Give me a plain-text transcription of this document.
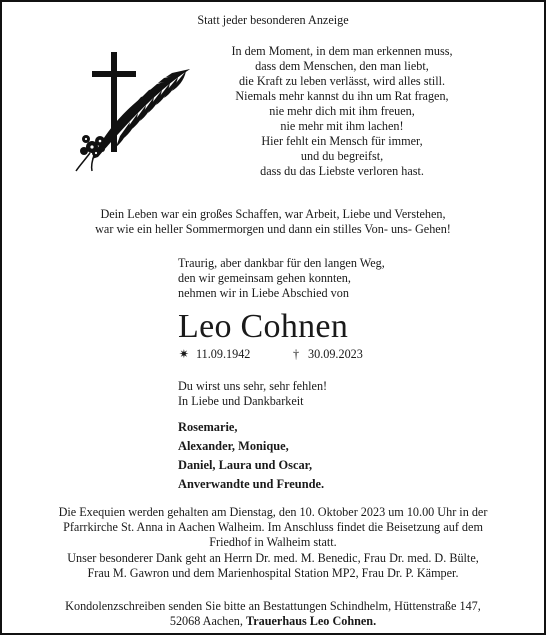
Statt jeder besonderen Anzeige
In dem Moment, in dem man erkennen muss,
dass dem Menschen, den man liebt,
die Kraft zu leben verlässt, wird alles still.
Niemals mehr kannst du ihn um Rat fragen,
nie mehr dich mit ihm freuen,
nie mehr mit ihm lachen!
Hier fehlt ein Mensch für immer,
und du begreifst,
dass du das Liebste verloren hast.
Dein Leben war ein großes Schaffen, war Arbeit, Liebe und Verstehen,
war wie ein heller Sommermorgen und dann ein stilles Von- uns- Gehen!
Traurig, aber dankbar für den langen Weg,
den wir gemeinsam gehen konnten,
nehmen wir in Liebe Abschied von
Leo Cohnen
✷ 11.09.1942	† 30.09.2023
Du wirst uns sehr, sehr fehlen!
In Liebe und Dankbarkeit
Rosemarie,
Alexander, Monique,
Daniel, Laura und Oscar,
Anverwandte und Freunde.
Die Exequien werden gehalten am Dienstag, den 10. Oktober 2023 um 10.00 Uhr in der
Pfarrkirche St. Anna in Aachen Walheim. Im Anschluss findet die Beisetzung auf dem
Friedhof in Walheim statt.
Unser besonderer Dank geht an Herrn Dr. med. M. Benedic, Frau Dr. med. D. Bülte,
Frau M. Gawron und dem Marienhospital Station MP2, Frau Dr. P. Kämper.
Kondolenzschreiben senden Sie bitte an Bestattungen Schindhelm, Hüttenstraße 147,
52068 Aachen, Trauerhaus Leo Cohnen.
